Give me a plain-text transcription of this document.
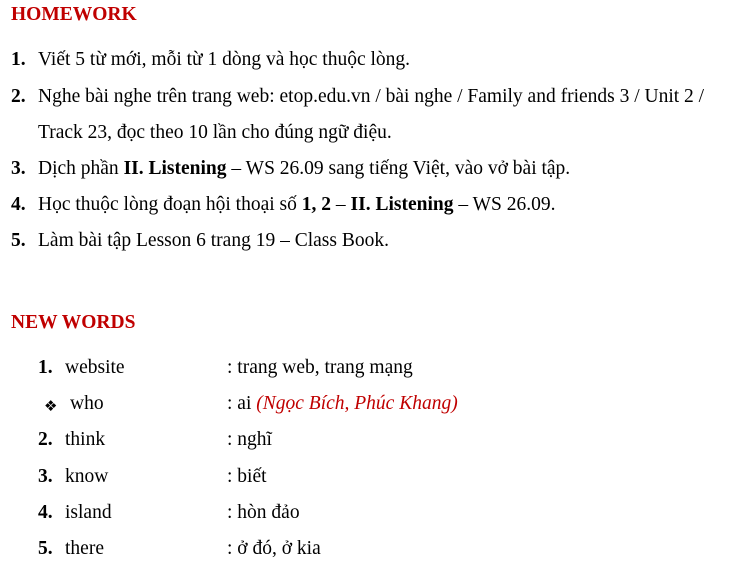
HOMEWORK
1. Viết 5 từ mới, mỗi từ 1 dòng và học thuộc lòng.
2. Nghe bài nghe trên trang web: etop.edu.vn / bài nghe / Family and friends 3 / Unit 2 /
Track 23, đọc theo 10 lần cho đúng ngữ điệu.
3. Dịch phần II. Listening – WS 26.09 sang tiếng Việt, vào vở bài tập.
4. Học thuộc lòng đoạn hội thoại số 1, 2 – II. Listening – WS 26.09.
5. Làm bài tập Lesson 6 trang 19 – Class Book.
NEW WORDS
1. website	: trang web, trang mạng
❖ who	: ai (Ngọc Bích, Phúc Khang)
2. think	: nghĩ
3. know	: biết
4. island	: hòn đảo
5. there	: ở đó, ở kia
